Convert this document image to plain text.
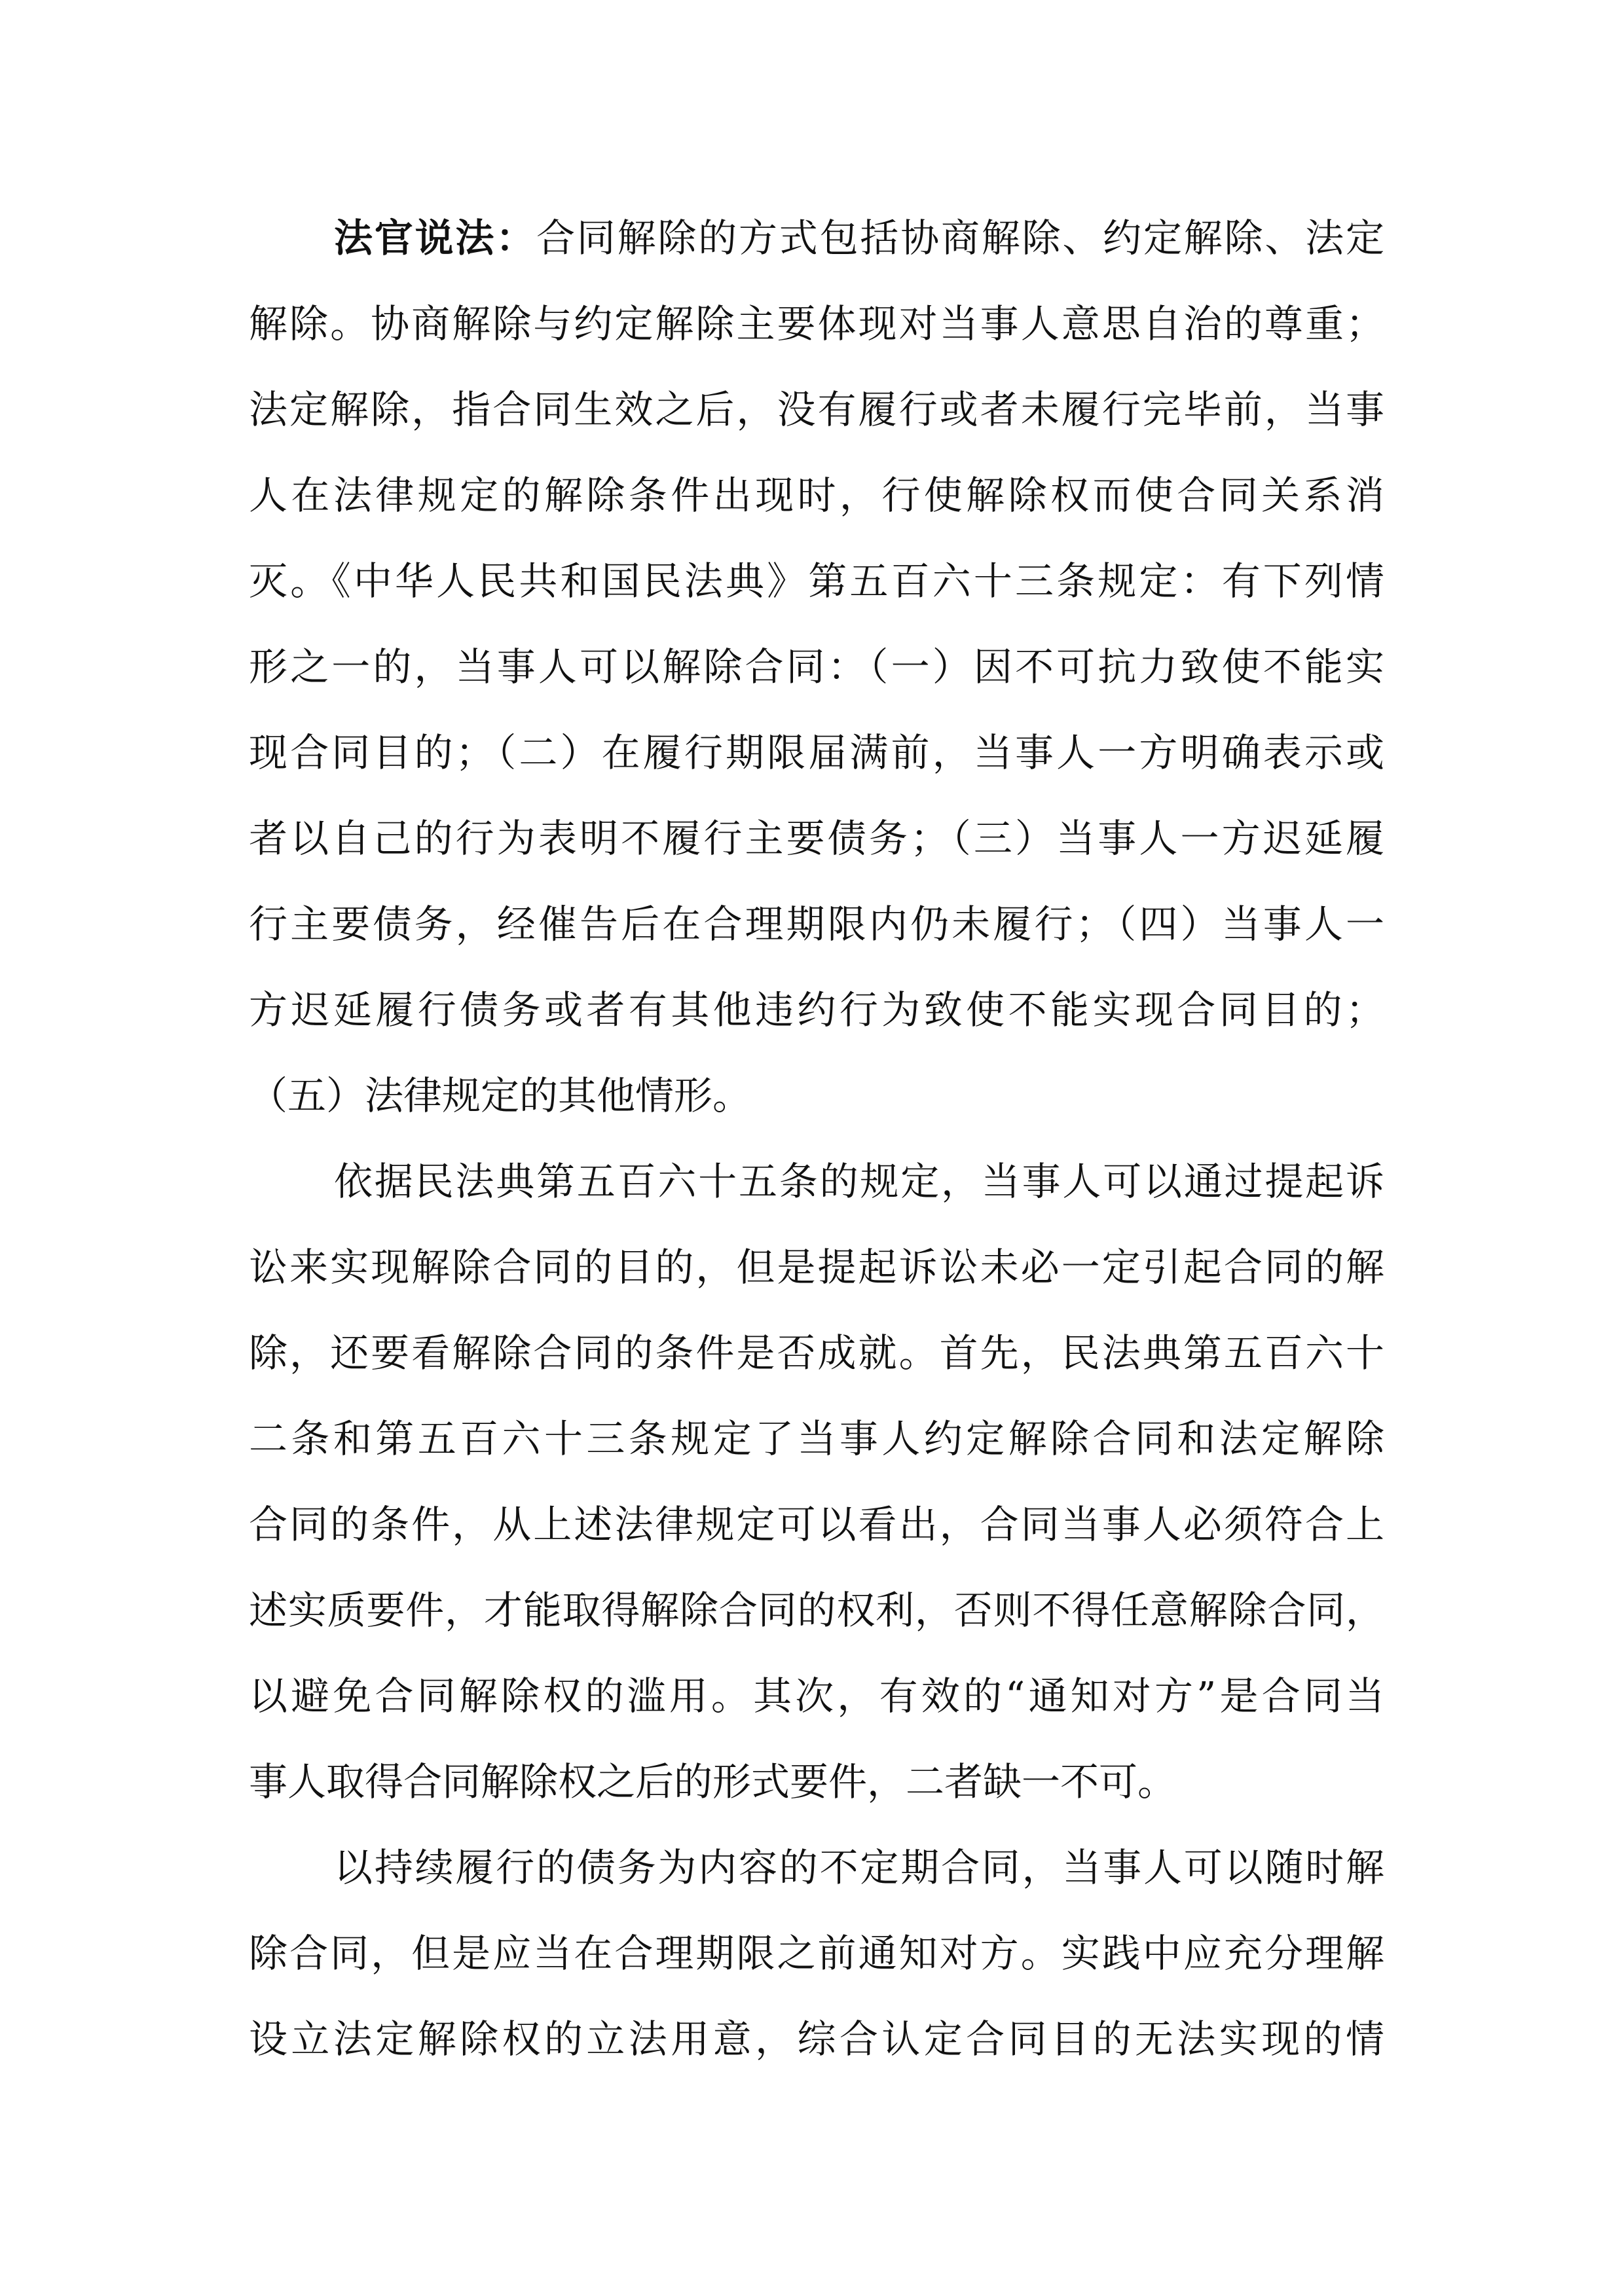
法官说法：合同解除的方式包括协商解除、约定解除、法定
解除。协商解除与约定解除主要体现对当事人意思自治的尊重；
法定解除，指合同生效之后，没有履行或者未履行完毕前，当事
人在法律规定的解除条件出现时，行使解除权而使合同关系消
灭。《中华人民共和国民法典》第五百六十三条规定：有下列情
形之一的，当事人可以解除合同：（一）因不可抗力致使不能实
现合同目的；（二）在履行期限届满前，当事人一方明确表示或
者以自己的行为表明不履行主要债务；（三）当事人一方迟延履
行主要债务，经催告后在合理期限内仍未履行；（四）当事人一
方迟延履行债务或者有其他违约行为致使不能实现合同目的；
（五）法律规定的其他情形。
依据民法典第五百六十五条的规定，当事人可以通过提起诉
讼来实现解除合同的目的，但是提起诉讼未必一定引起合同的解
除，还要看解除合同的条件是否成就。首先，民法典第五百六十
二条和第五百六十三条规定了当事人约定解除合同和法定解除
合同的条件，从上述法律规定可以看出，合同当事人必须符合上
述实质要件，才能取得解除合同的权利，否则不得任意解除合同，
以避免合同解除权的滥用。其次，有效的“通知对方”是合同当
事人取得合同解除权之后的形式要件，二者缺一不可。
以持续履行的债务为内容的不定期合同，当事人可以随时解
除合同，但是应当在合理期限之前通知对方。实践中应充分理解
设立法定解除权的立法用意，综合认定合同目的无法实现的情
